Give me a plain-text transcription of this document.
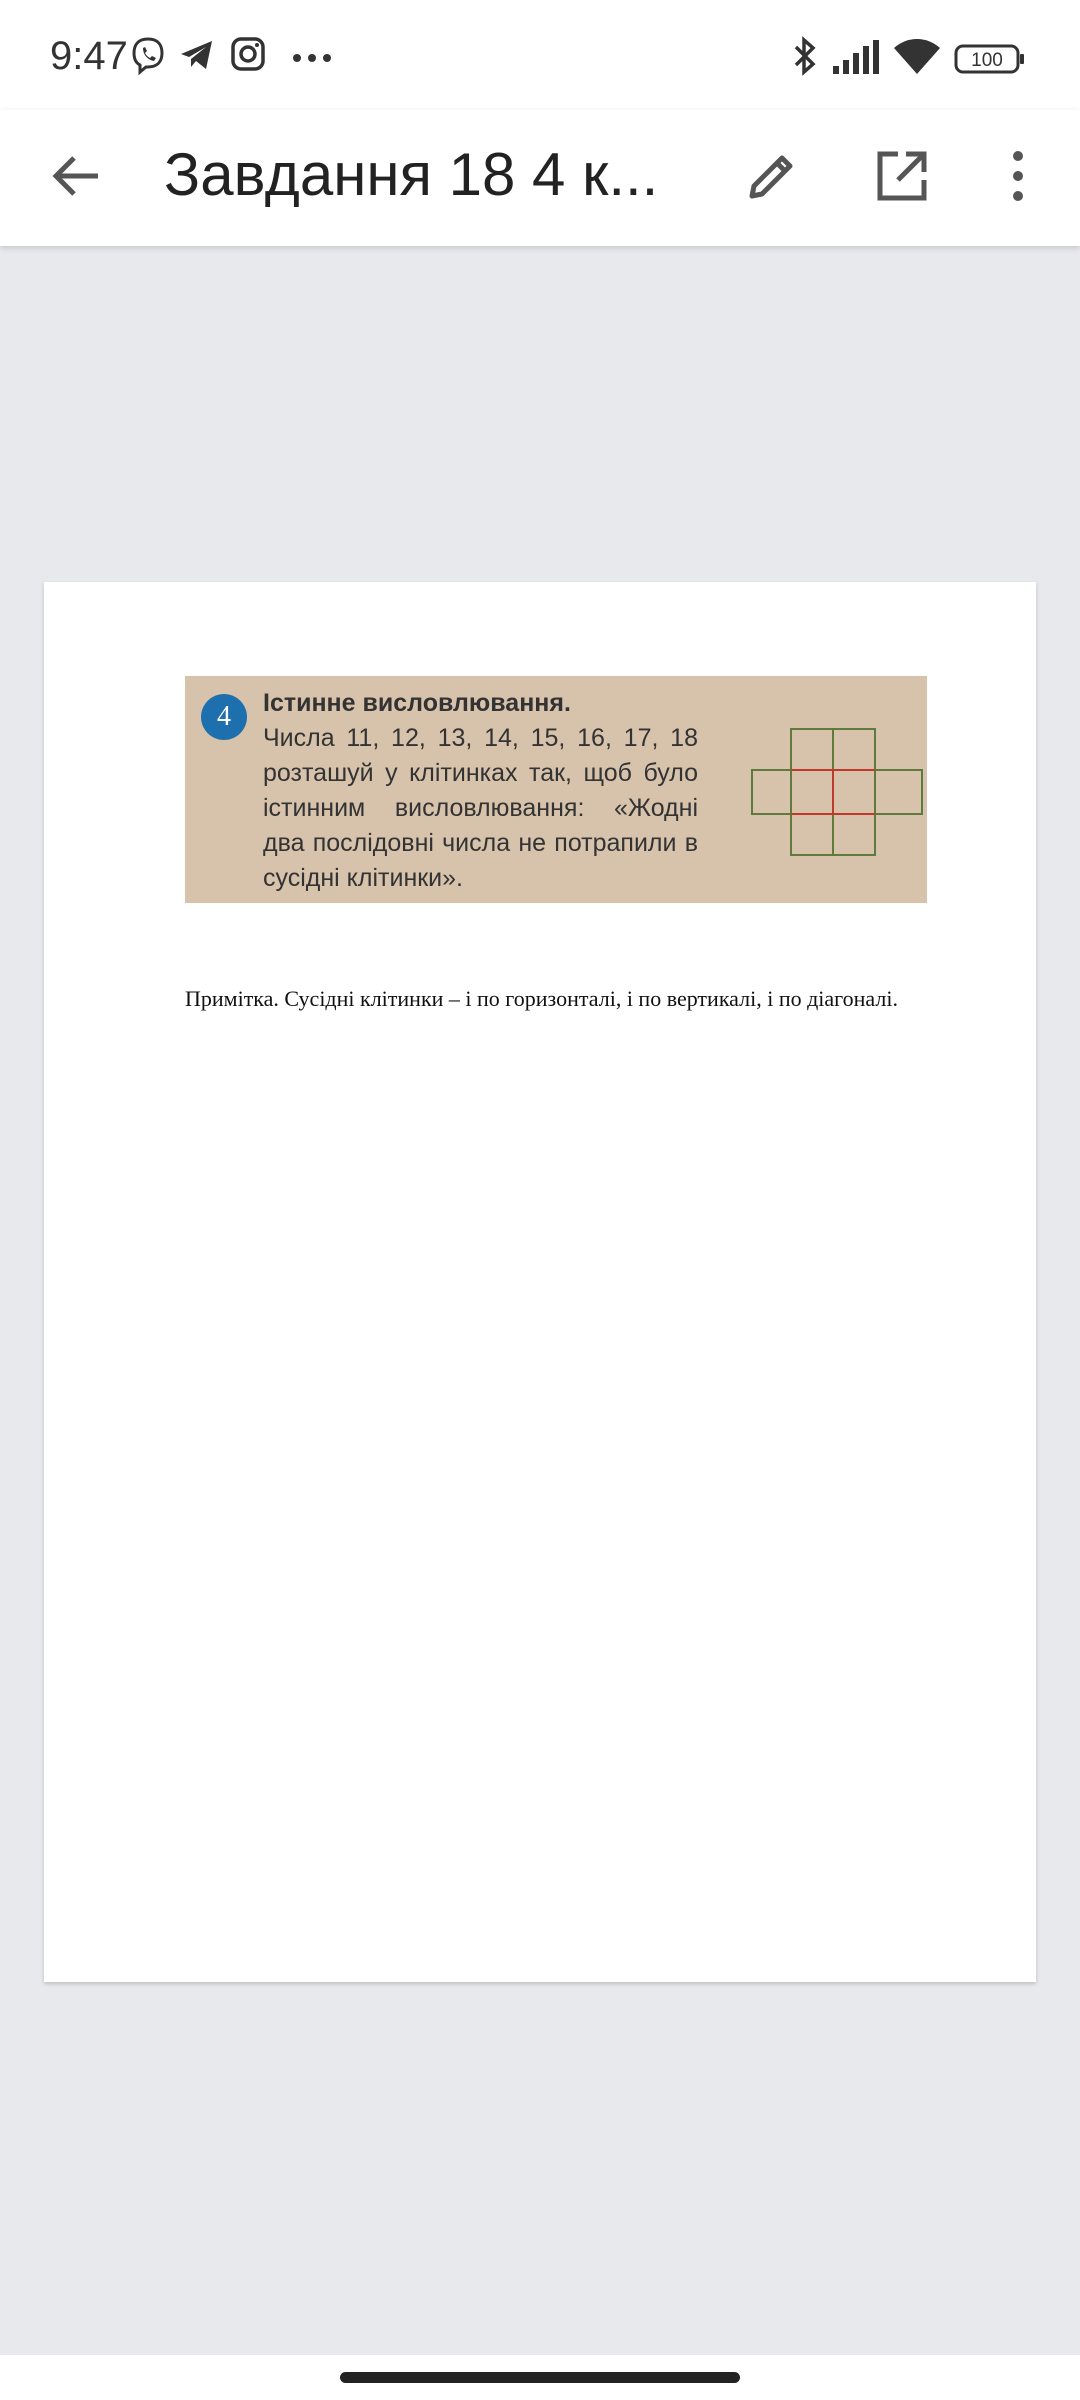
9:47	100
Завдання 18 4 к...
4	Істинне висловлювання.
Числа 11, 12, 13, 14, 15, 16, 17, 18 розташуй у клітинках так, щоб було істинним висловлювання: «Жодні два послідовні числа не потрапили в сусідні клітинки».
Примітка. Сусідні клітинки – і по горизонталі, і по вертикалі, і по діагоналі.
